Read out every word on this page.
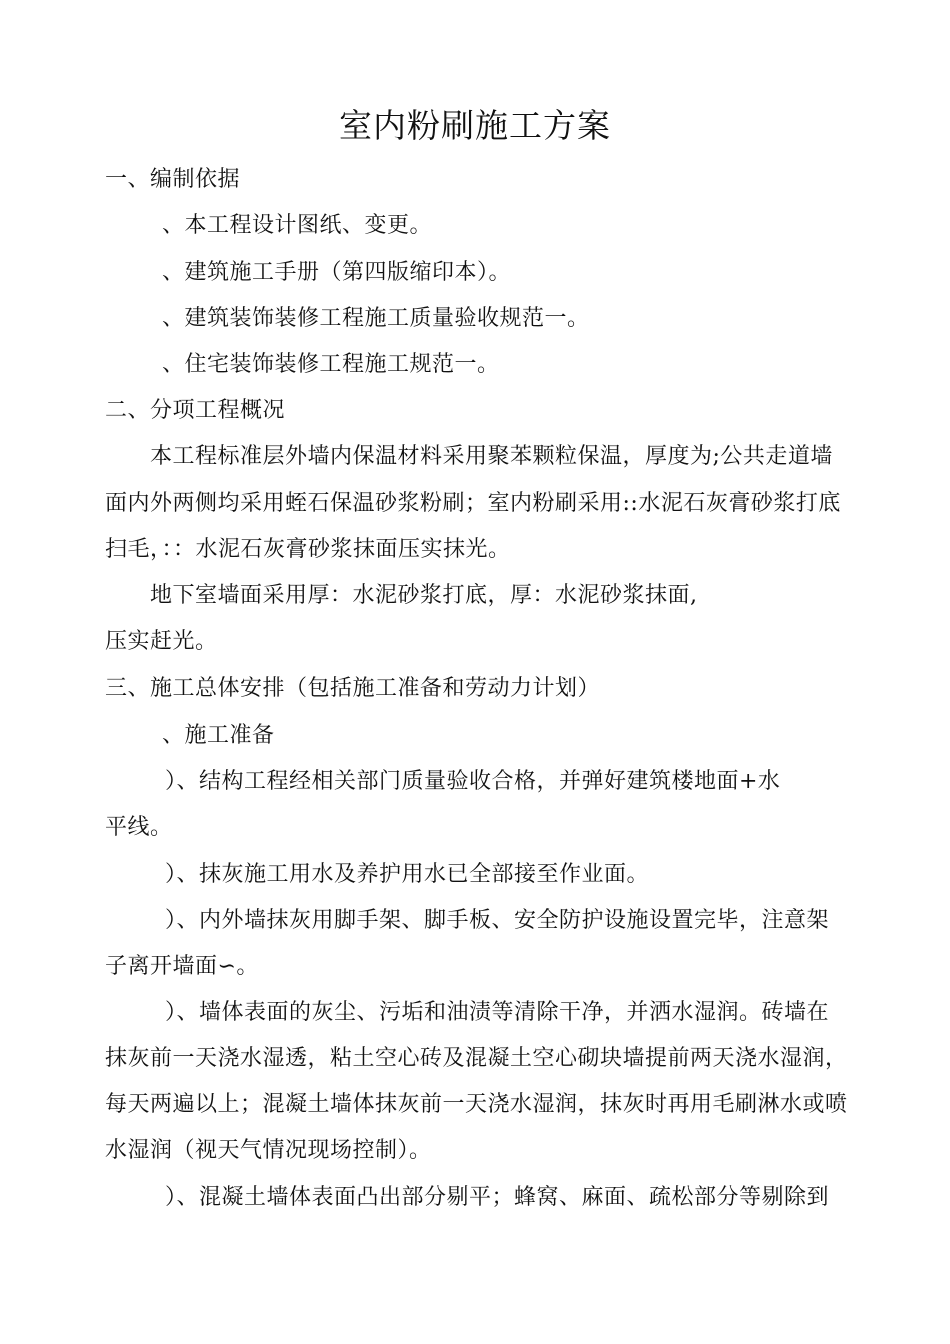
室内粉刷施工方案
一、编制依据
、本工程设计图纸、变更。
、建筑施工手册（第四版缩印本）。
、建筑装饰装修工程施工质量验收规范一。
、住宅装饰装修工程施工规范一。
二、分项工程概况
本工程标准层外墙内保温材料采用聚苯颗粒保温，厚度为;公共走道墙
面内外两侧均采用蛭石保温砂浆粉刷；室内粉刷采用::水泥石灰膏砂浆打底
扫毛，：：水泥石灰膏砂浆抹面压实抹光。
地下室墙面采用厚：水泥砂浆打底，厚：水泥砂浆抹面,
压实赶光。
三、施工总体安排（包括施工准备和劳动力计划）
、施工准备
）、结构工程经相关部门质量验收合格，并弹好建筑楼地面+水
平线。
）、抹灰施工用水及养护用水已全部接至作业面。
）、内外墙抹灰用脚手架、脚手板、安全防护设施设置完毕，注意架
子离开墙面∽。
）、墙体表面的灰尘、污垢和油渍等清除干净，并洒水湿润。砖墙在
抹灰前一天浇水湿透，粘土空心砖及混凝土空心砌块墙提前两天浇水湿润，
每天两遍以上；混凝土墙体抹灰前一天浇水湿润，抹灰时再用毛刷淋水或喷
水湿润（视天气情况现场控制）。
）、混凝土墙体表面凸出部分剔平；蜂窝、麻面、疏松部分等剔除到
